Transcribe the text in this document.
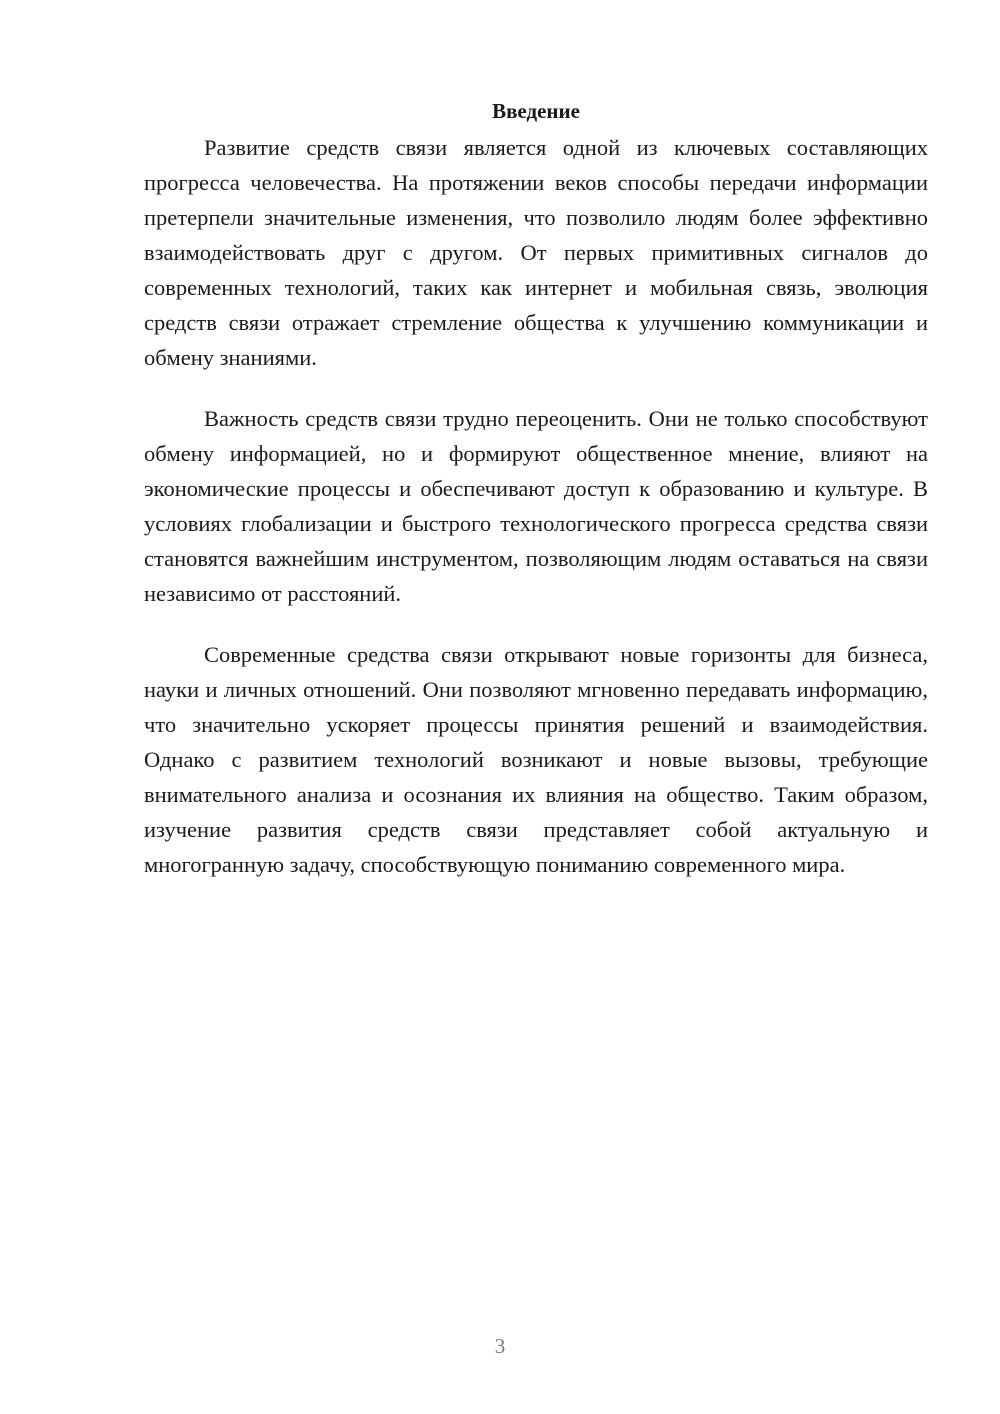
Введение

Развитие средств связи является одной из ключевых составляющих прогресса человечества. На протяжении веков способы передачи информации претерпели значительные изменения, что позволило людям более эффективно взаимодействовать друг с другом. От первых примитивных сигналов до современных технологий, таких как интернет и мобильная связь, эволюция средств связи отражает стремление общества к улучшению коммуникации и обмену знаниями.

Важность средств связи трудно переоценить. Они не только способствуют обмену информацией, но и формируют общественное мнение, влияют на экономические процессы и обеспечивают доступ к образованию и культуре. В условиях глобализации и быстрого технологического прогресса средства связи становятся важнейшим инструментом, позволяющим людям оставаться на связи независимо от расстояний.

Современные средства связи открывают новые горизонты для бизнеса, науки и личных отношений. Они позволяют мгновенно передавать информацию, что значительно ускоряет процессы принятия решений и взаимодействия. Однако с развитием технологий возникают и новые вызовы, требующие внимательного анализа и осознания их влияния на общество. Таким образом, изучение развития средств связи представляет собой актуальную и многогранную задачу, способствующую пониманию современного мира.

3
